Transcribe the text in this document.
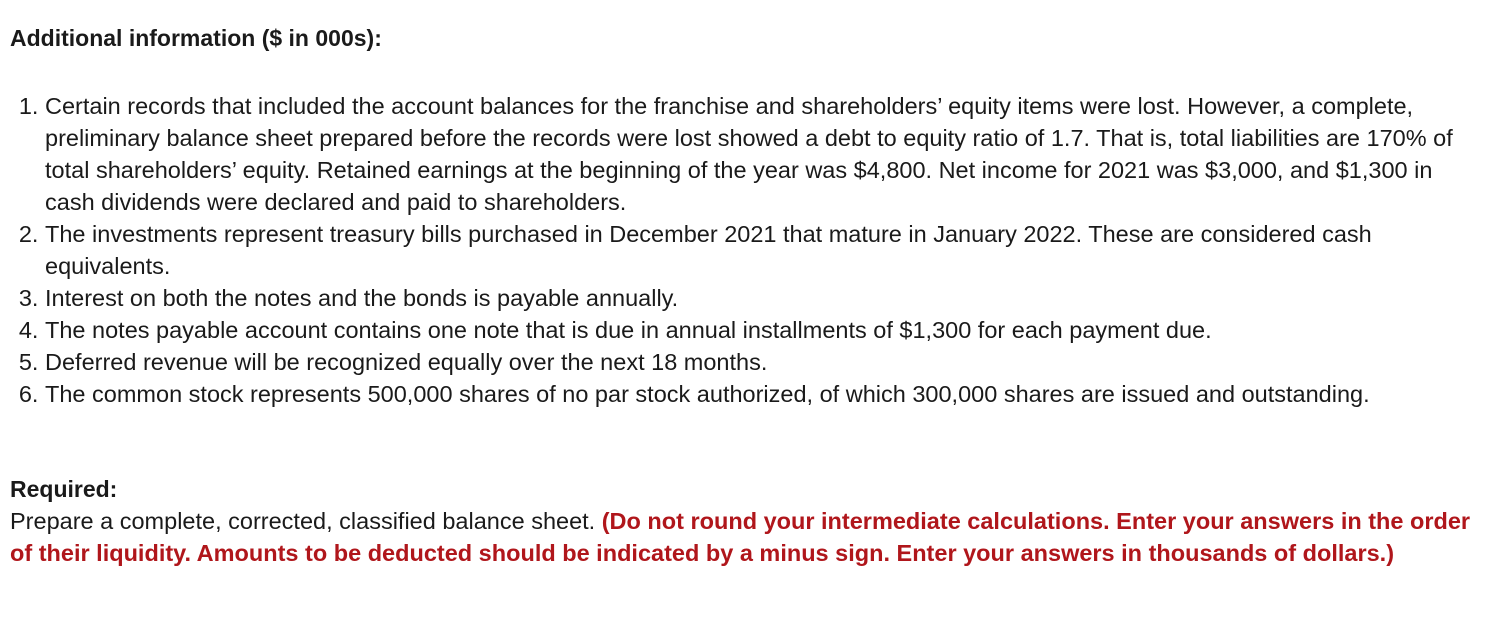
Additional information ($ in 000s):
1. Certain records that included the account balances for the franchise and shareholders’ equity items were lost. However, a complete, preliminary balance sheet prepared before the records were lost showed a debt to equity ratio of 1.7. That is, total liabilities are 170% of total shareholders’ equity. Retained earnings at the beginning of the year was $4,800. Net income for 2021 was $3,000, and $1,300 in cash dividends were declared and paid to shareholders.
2. The investments represent treasury bills purchased in December 2021 that mature in January 2022. These are considered cash equivalents.
3. Interest on both the notes and the bonds is payable annually.
4. The notes payable account contains one note that is due in annual installments of $1,300 for each payment due.
5. Deferred revenue will be recognized equally over the next 18 months.
6. The common stock represents 500,000 shares of no par stock authorized, of which 300,000 shares are issued and outstanding.
Required:

Prepare a complete, corrected, classified balance sheet. (Do not round your intermediate calculations. Enter your answers in the order of their liquidity. Amounts to be deducted should be indicated by a minus sign. Enter your answers in thousands of dollars.)
